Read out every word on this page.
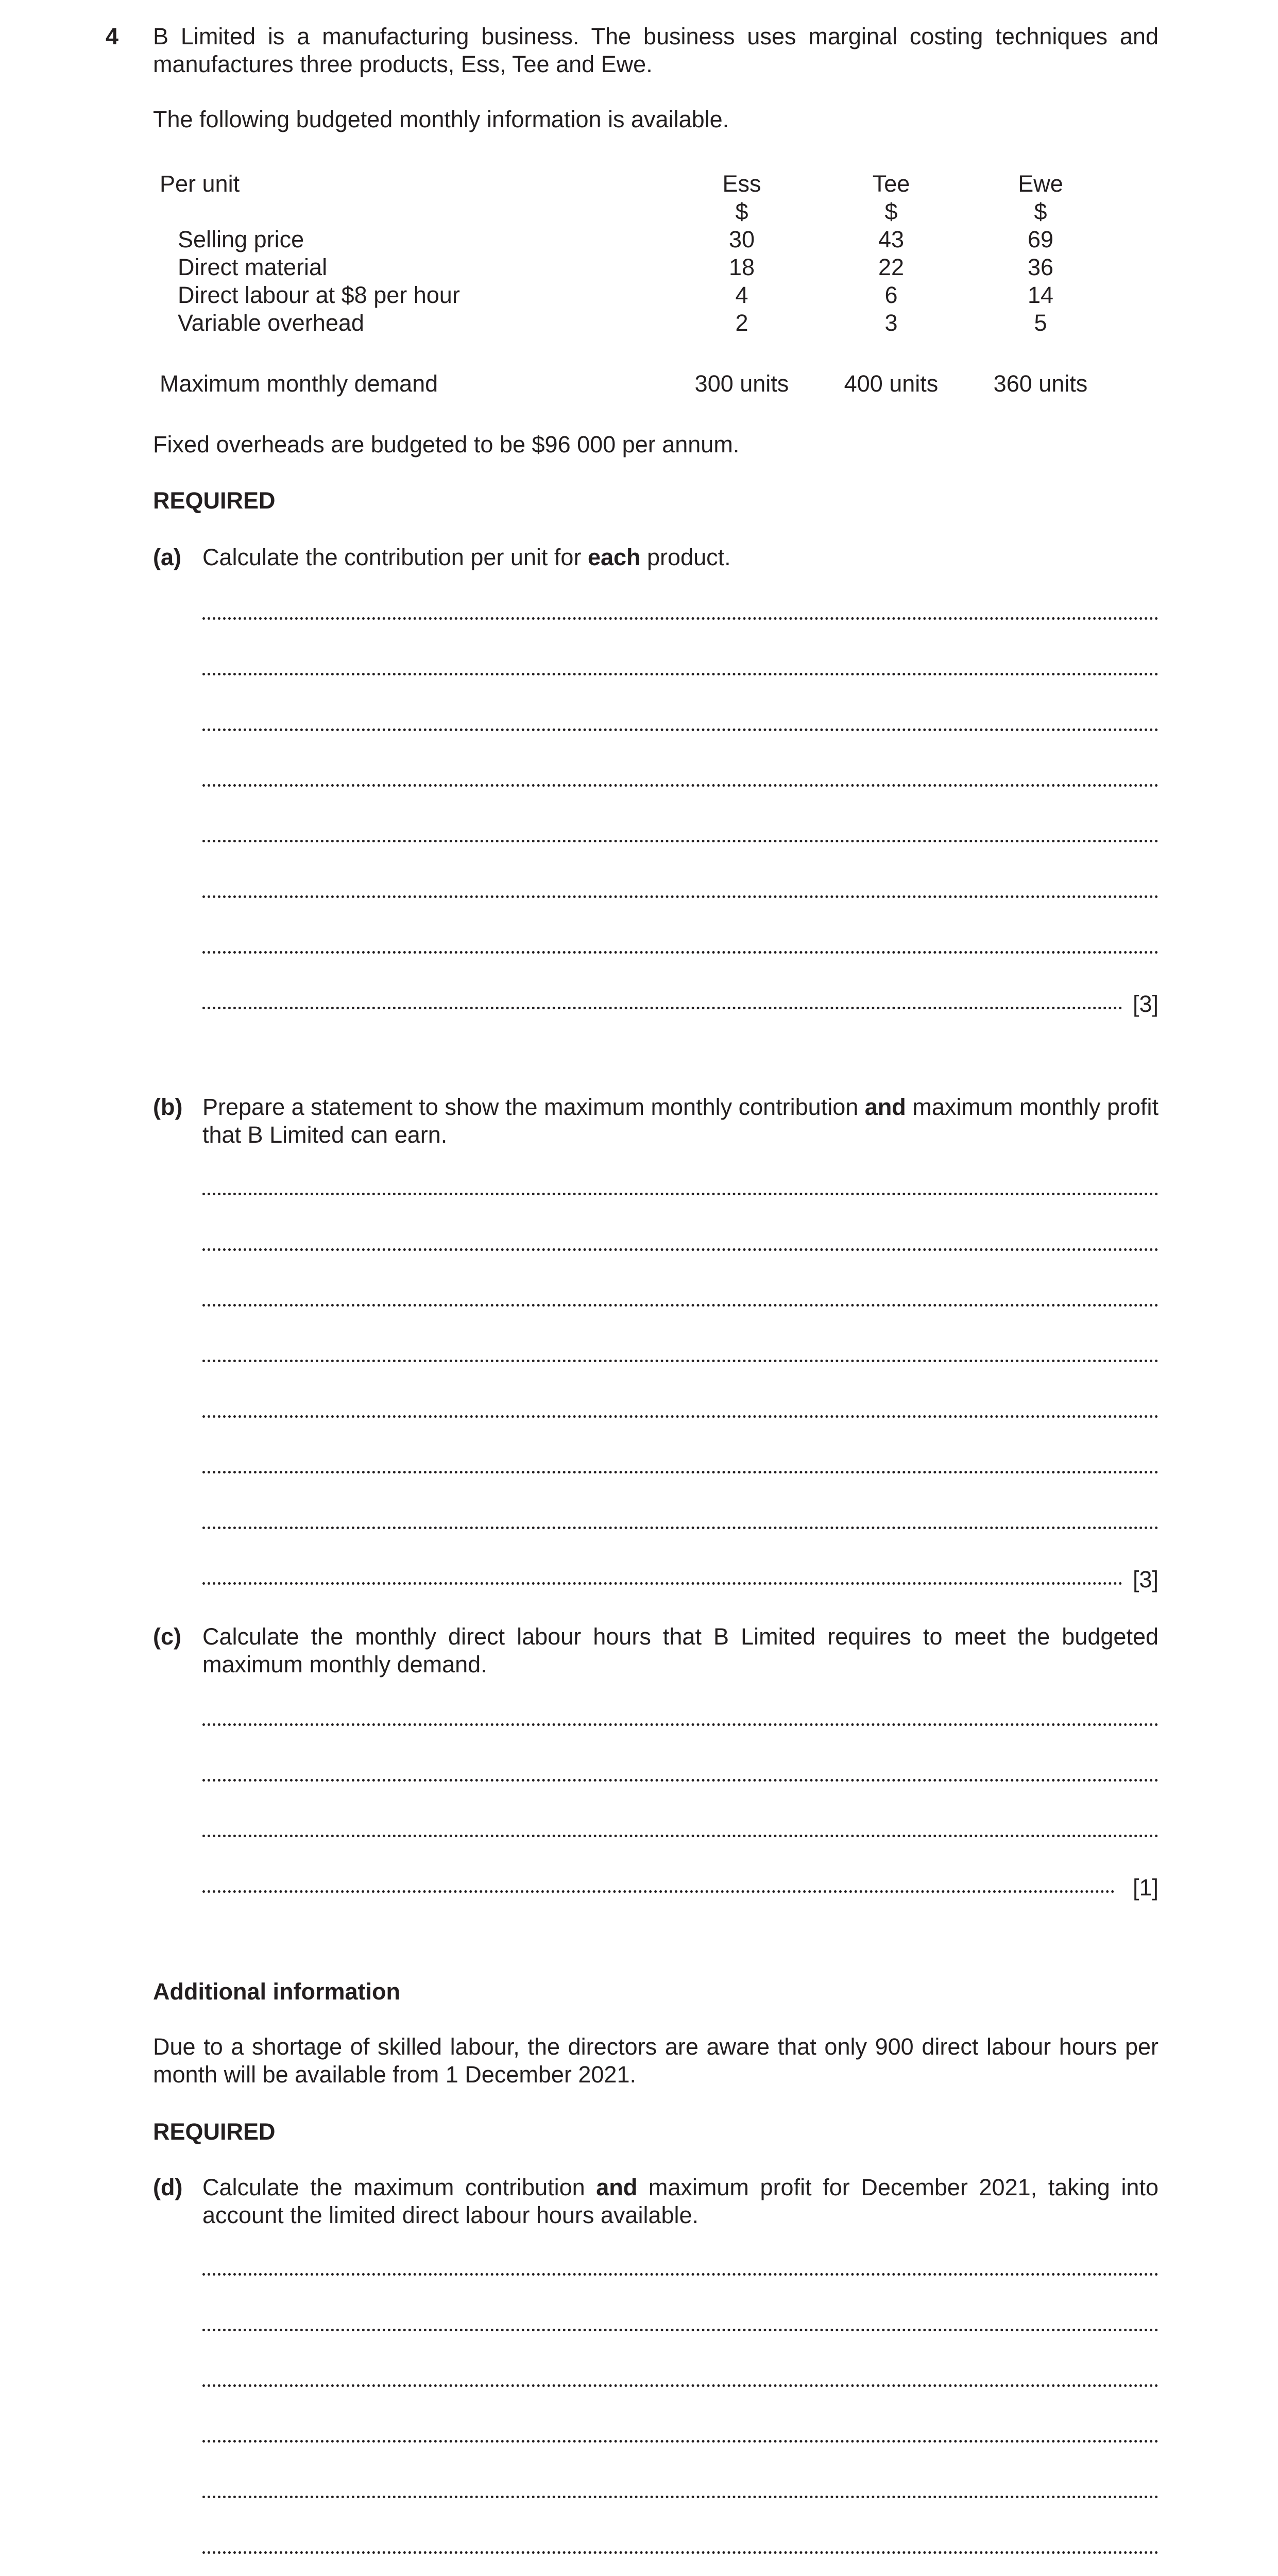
4 B Limited is a manufacturing business. The business uses marginal costing techniques and manufactures three products, Ess, Tee and Ewe.
The following budgeted monthly information is available.
Per unit	Ess	Tee	Ewe
$	$	$
Selling price	30	43	69
Direct material	18	22	36
Direct labour at $8 per hour	4	6	14
Variable overhead	2	3	5
Maximum monthly demand	300 units	400 units	360 units
Fixed overheads are budgeted to be $96 000 per annum.
REQUIRED
(a) Calculate the contribution per unit for each product.
[3]
(b) Prepare a statement to show the maximum monthly contribution and maximum monthly profit that B Limited can earn.
[3]
(c) Calculate the monthly direct labour hours that B Limited requires to meet the budgeted maximum monthly demand.
[1]
Additional information
Due to a shortage of skilled labour, the directors are aware that only 900 direct labour hours per month will be available from 1 December 2021.
REQUIRED
(d) Calculate the maximum contribution and maximum profit for December 2021, taking into account the limited direct labour hours available.
